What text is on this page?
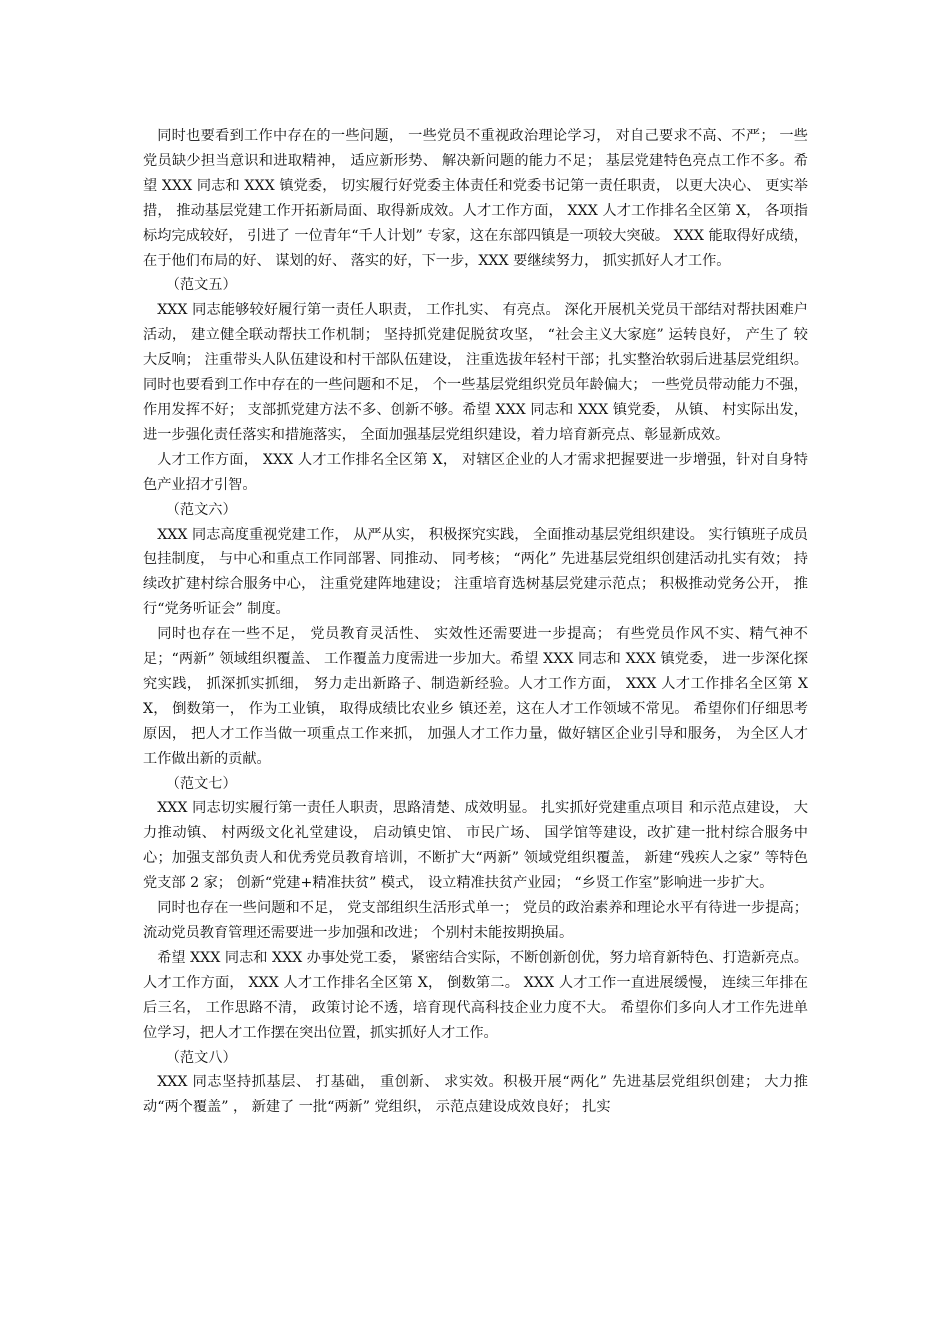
同时也要看到工作中存在的一些问题， 一些党员不重视政治理论学习， 对自己要求不高、不严； 一些党员缺少担当意识和进取精神， 适应新形势、 解决新问题的能力不足； 基层党建特色亮点工作不多。希望 XXX 同志和 XXX 镇党委， 切实履行好党委主体责任和党委书记第一责任职责， 以更大决心、 更实举措， 推动基层党建工作开拓新局面、取得新成效。人才工作方面， XXX 人才工作排名全区第 X， 各项指标均完成较好， 引进了 一位青年“千人计划” 专家，这在东部四镇是一项较大突破。 XXX 能取得好成绩，在于他们布局的好、 谋划的好、 落实的好，下一步，XXX 要继续努力， 抓实抓好人才工作。

（范文五）

XXX 同志能够较好履行第一责任人职责， 工作扎实、 有亮点。 深化开展机关党员干部结对帮扶困难户活动， 建立健全联动帮扶工作机制； 坚持抓党建促脱贫攻坚， “社会主义大家庭” 运转良好， 产生了 较大反响； 注重带头人队伍建设和村干部队伍建设， 注重选拔年轻村干部；扎实整治软弱后进基层党组织。同时也要看到工作中存在的一些问题和不足， 个一些基层党组织党员年龄偏大； 一些党员带动能力不强， 作用发挥不好； 支部抓党建方法不多、创新不够。希望 XXX 同志和 XXX 镇党委， 从镇、 村实际出发，进一步强化责任落实和措施落实， 全面加强基层党组织建设，着力培育新亮点、彰显新成效。

人才工作方面， XXX 人才工作排名全区第 X， 对辖区企业的人才需求把握要进一步增强，针对自身特色产业招才引智。

（范文六）

XXX 同志高度重视党建工作， 从严从实， 积极探究实践， 全面推动基层党组织建设。 实行镇班子成员包挂制度， 与中心和重点工作同部署、同推动、 同考核； “两化” 先进基层党组织创建活动扎实有效； 持续改扩建村综合服务中心， 注重党建阵地建设； 注重培育选树基层党建示范点； 积极推动党务公开， 推行“党务听证会” 制度。

同时也存在一些不足， 党员教育灵活性、 实效性还需要进一步提高； 有些党员作风不实、精气神不足；“两新” 领域组织覆盖、 工作覆盖力度需进一步加大。希望 XXX 同志和 XXX 镇党委， 进一步深化探究实践， 抓深抓实抓细， 努力走出新路子、制造新经验。人才工作方面， XXX 人才工作排名全区第 XX， 倒数第一， 作为工业镇， 取得成绩比农业乡 镇还差，这在人才工作领域不常见。 希望你们仔细思考原因， 把人才工作当做一项重点工作来抓， 加强人才工作力量，做好辖区企业引导和服务， 为全区人才工作做出新的贡献。

（范文七）

XXX 同志切实履行第一责任人职责，思路清楚、成效明显。 扎实抓好党建重点项目 和示范点建设， 大力推动镇、 村两级文化礼堂建设， 启动镇史馆、 市民广场、 国学馆等建设，改扩建一批村综合服务中心；加强支部负责人和优秀党员教育培训，不断扩大“两新” 领域党组织覆盖， 新建“残疾人之家” 等特色党支部 2 家； 创新“党建+精准扶贫” 模式， 设立精准扶贫产业园； “乡贤工作室”影响进一步扩大。

同时也存在一些问题和不足， 党支部组织生活形式单一； 党员的政治素养和理论水平有待进一步提高；流动党员教育管理还需要进一步加强和改进； 个别村未能按期换届。

希望 XXX 同志和 XXX 办事处党工委， 紧密结合实际，不断创新创优，努力培育新特色、打造新亮点。人才工作方面， XXX 人才工作排名全区第 X， 倒数第二。 XXX 人才工作一直进展缓慢， 连续三年排在后三名， 工作思路不清， 政策讨论不透，培育现代高科技企业力度不大。 希望你们多向人才工作先进单位学习，把人才工作摆在突出位置，抓实抓好人才工作。

（范文八）

XXX 同志坚持抓基层、 打基础， 重创新、 求实效。积极开展“两化” 先进基层党组织创建； 大力推动“两个覆盖” ， 新建了 一批“两新” 党组织， 示范点建设成效良好； 扎实
